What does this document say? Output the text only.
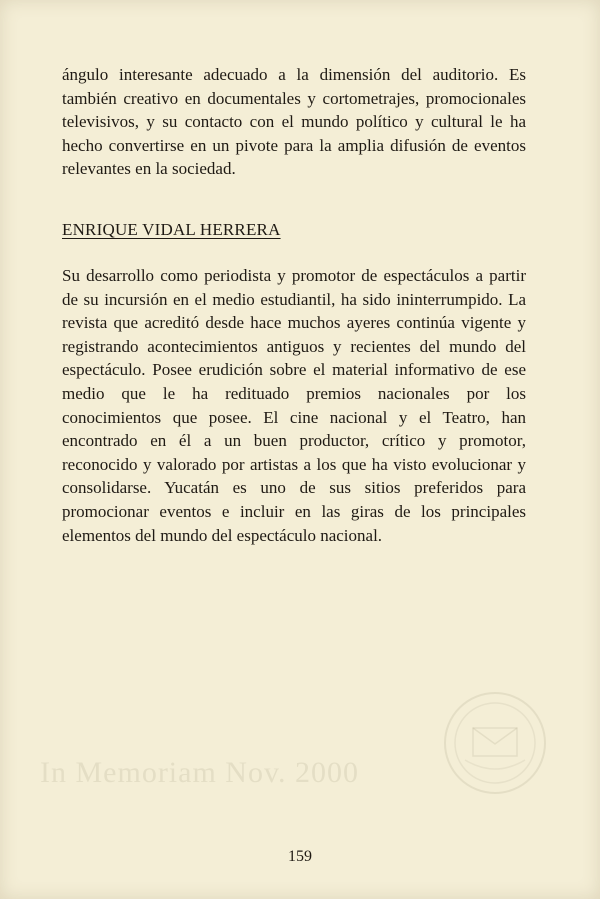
In Memoriam Nov. 2000

ángulo interesante adecuado a la dimensión del auditorio. Es también creativo en documentales y cortometrajes, promocionales televisivos, y su contacto con el mundo político y cultural le ha hecho convertirse en un pivote para la amplia difusión de eventos relevantes en la sociedad.

ENRIQUE VIDAL HERRERA

Su desarrollo como periodista y promotor de espectáculos a partir de su incursión en el medio estudiantil, ha sido ininterrumpido. La revista que acreditó desde hace muchos ayeres continúa vigente y registrando acontecimientos antiguos y recientes del mundo del espectáculo. Posee erudición sobre el material informativo de ese medio que le ha redituado premios nacionales por los conocimientos que posee. El cine nacional y el Teatro, han encontrado en él a un buen productor, crítico y promotor, reconocido y valorado por artistas a los que ha visto evolucionar y consolidarse. Yucatán es uno de sus sitios preferidos para promocionar eventos e incluir en las giras de los principales elementos del mundo del espectáculo nacional.

159
